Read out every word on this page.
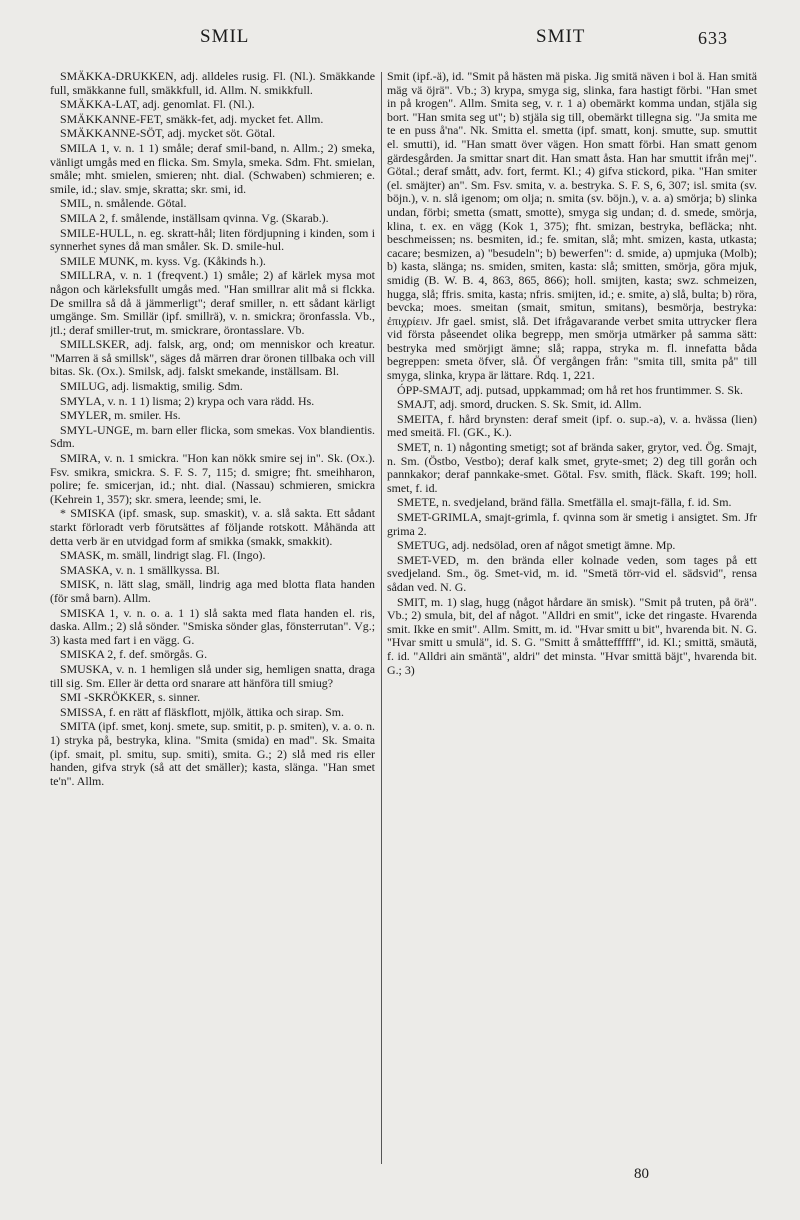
SMIL	SMIT	633

SMÄKKA-DRUKKEN, adj. alldeles rusig. Fl. (Nl.). Smäkkande full, smäkkanne full, smäkkfull, id. Allm. N. smikkfull.

SMÄKKA-LAT, adj. genomlat. Fl. (Nl.).

SMÄKKANNE-FET, smäkk-fet, adj. mycket fet. Allm.

SMÄKKANNE-SÖT, adj. mycket söt. Götal.

SMILA 1, v. n. 1 1) småle; deraf smil-band, n. Allm.; 2) smeka, vänligt umgås med en flicka. Sm. Smyla, smeka. Sdm. Fht. smielan, småle; mht. smielen, smieren; nht. dial. (Schwaben) schmieren; e. smile, id.; slav. smje, skratta; skr. smi, id.

SMIL, n. smålende. Götal.

SMILA 2, f. smålende, inställsam qvinna. Vg. (Skarab.).

SMILE-HULL, n. eg. skratt-hål; liten fördjupning i kinden, som i synnerhet synes då man småler. Sk. D. smile-hul.

SMILE MUNK, m. kyss. Vg. (Kåkinds h.).

SMILLRA, v. n. 1 (freqvent.) 1) småle; 2) af kärlek mysa mot någon och kärleksfullt umgås med. "Han smillrar alit må si flckka. De smillra så då ä jämmerligt"; deraf smiller, n. ett sådant kärligt umgänge. Sm. Smillär (ipf. smillrä), v. n. smickra; öronfassla. Vb., jtl.; deraf smiller-trut, m. smickrare, örontasslare. Vb.

SMILLSKER, adj. falsk, arg, ond; om menniskor och kreatur. "Marren ä så smillsk", säges då märren drar öronen tillbaka och vill bitas. Sk. (Ox.). Smilsk, adj. falskt smekande, inställsam. Bl.

SMILUG, adj. lismaktig, smilig. Sdm.

SMYLA, v. n. 1 1) lisma; 2) krypa och vara rädd. Hs.

SMYLER, m. smiler. Hs.

SMYL-UNGE, m. barn eller flicka, som smekas. Vox blandientis. Sdm.

SMIRA, v. n. 1 smickra. "Hon kan nökk smire sej in". Sk. (Ox.). Fsv. smikra, smickra. S. F. S. 7, 115; d. smigre; fht. smeihharon, polire; fe. smicerjan, id.; nht. dial. (Nassau) schmieren, smickra (Kehrein 1, 357); skr. smera, leende; smi, le.

* SMISKA (ipf. smask, sup. smaskit), v. a. slå sakta. Ett sådant starkt förloradt verb förutsättes af följande rotskott. Måhända att detta verb är en utvidgad form af smikka (smakk, smakkit).

SMASK, m. smäll, lindrigt slag. Fl. (Ingo).

SMASKA, v. n. 1 smällkyssa. Bl.

SMISK, n. lätt slag, smäll, lindrig aga med blotta flata handen (för små barn). Allm.

SMISKA 1, v. n. o. a. 1 1) slå sakta med flata handen el. ris, daska. Allm.; 2) slå sönder. "Smiska sönder glas, fönsterrutan". Vg.; 3) kasta med fart i en vägg. G.

SMISKA 2, f. def. smörgås. G.

SMUSKA, v. n. 1 hemligen slå under sig, hemligen snatta, draga till sig. Sm. Eller är detta ord snarare att hänföra till smiug?

SMI -SKRÖKKER, s. sinner.

SMISSA, f. en rätt af fläskflott, mjölk, ättika och sirap. Sm.

SMITA (ipf. smet, konj. smete, sup. smitit, p. p. smiten), v. a. o. n. 1) stryka på, bestryka, klina. "Smita (smida) en mad". Sk. Smaita (ipf. smait, pl. smitu, sup. smiti), smita. G.; 2) slå med ris eller handen, gifva stryk (så att det smäller); kasta, slänga. "Han smet te'n". Allm.

Smit (ipf.-ä), id. "Smit på hästen mä piska. Jig smitä näven i bol ä. Han smitä mäg vä öjrä". Vb.; 3) krypa, smyga sig, slinka, fara hastigt förbi. "Han smet in på krogen". Allm. Smita seg, v. r. 1 a) obemärkt komma undan, stjäla sig bort. "Han smita seg ut"; b) stjäla sig till, obemärkt tillegna sig. "Ja smita me te en puss å'na". Nk. Smitta el. smetta (ipf. smatt, konj. smutte, sup. smuttit el. smutti), id. "Han smatt över vägen. Hon smatt förbi. Han smatt genom gärdesgården. Ja smittar snart dit. Han smatt åsta. Han har smuttit ifrån mej". Götal.; deraf smått, adv. fort, fermt. Kl.; 4) gifva stickord, pika. "Han smiter (el. smäjter) an". Sm. Fsv. smita, v. a. bestryka. S. F. S, 6, 307; isl. smita (sv. böjn.), v. n. slå igenom; om olja; n. smita (sv. böjn.), v. a. a) smörja; b) slinka undan, förbi; smetta (smatt, smotte), smyga sig undan; d. d. smede, smörja, klina, t. ex. en vägg (Kok 1, 375); fht. smizan, bestryka, befläcka; nht. beschmeissen; ns. besmiten, id.; fe. smitan, slå; mht. smizen, kasta, utkasta; cacare; besmizen, a) "besudeln"; b) bewerfen": d. smide, a) upmjuka (Molb); b) kasta, slänga; ns. smiden, smiten, kasta: slå; smitten, smörja, göra mjuk, smidig (B. W. B. 4, 863, 865, 866); holl. smijten, kasta; swz. schmeizen, hugga, slå; ffris. smita, kasta; nfris. smijten, id.; e. smite, a) slå, bulta; b) röra, bevcka; moes. smeitan (smait, smitun, smitans), besmörja, bestryka: ἐπιχρίειν. Jfr gael. smist, slå. Det ifrågavarande verbet smita uttrycker flera vid första påseendet olika begrepp, men smörja utmärker på samma sätt: bestryka med smörjigt ämne; slå; rappa, stryka m. fl. innefatta båda begreppen: smeta öfver, slå. Öf vergången från: "smita till, smita på" till smyga, slinka, krypa är lättare. Rdq. 1, 221.

ÓPP-SMAJT, adj. putsad, uppkammad; om hå ret hos fruntimmer. S. Sk.

SMAJT, adj. smord, drucken. S. Sk. Smit, id. Allm.

SMEITA, f. hård brynsten: deraf smeit (ipf. o. sup.-a), v. a. hvässa (lien) med smeitä. Fl. (GK., K.).

SMET, n. 1) någonting smetigt; sot af brända saker, grytor, ved. Ög. Smajt, n. Sm. (Östbo, Vestbo); deraf kalk smet, gryte-smet; 2) deg till gorån och pannkakor; deraf pannkake-smet. Götal. Fsv. smith, fläck. Skaft. 199; holl. smet, f. id.

SMETE, n. svedjeland, bränd fälla. Smetfälla el. smajt-fälla, f. id. Sm.

SMET-GRIMLA, smajt-grimla, f. qvinna som är smetig i ansigtet. Sm. Jfr grima 2.

SMETUG, adj. nedsölad, oren af något smetigt ämne. Mp.

SMET-VED, m. den brända eller kolnade veden, som tages på ett svedjeland. Sm., ög. Smet-vid, m. id. "Smetä törr-vid el. sädsvid", rensa sådan ved. N. G.

SMIT, m. 1) slag, hugg (något hårdare än smisk). "Smit på truten, på örä". Vb.; 2) smula, bit, del af något. "Alldri en smit", icke det ringaste. Hvarenda smit. Ikke en smit". Allm. Smitt, m. id. "Hvar smitt u bit", hvarenda bit. N. G. "Hvar smitt u smulä", id. S. G. "Smitt å småtteffffff", id. Kl.; smittä, smäutä, f. id. "Alldri ain smäntä", aldri" det minsta. "Hvar smittä bäjt", hvarenda bit. G.; 3)

80
